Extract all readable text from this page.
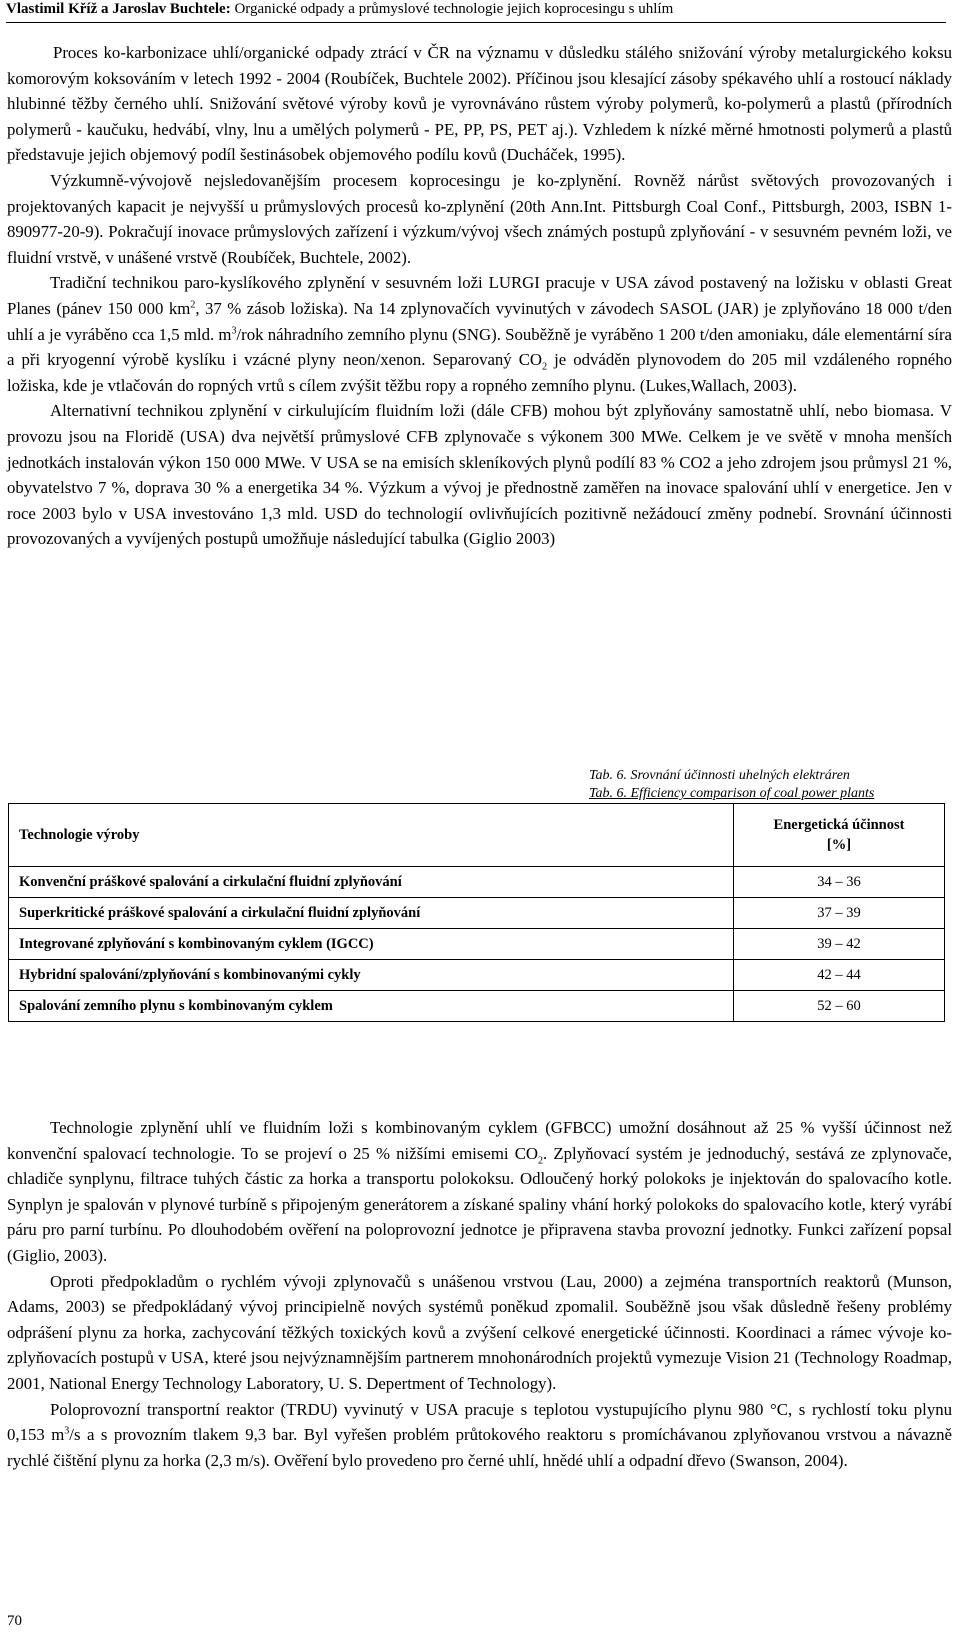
Vlastimil Kříž a Jaroslav Buchtele: Organické odpady a průmyslové technologie jejich koprocesingu s uhlím

Proces ko-karbonizace uhlí/organické odpady ztrácí v ČR na významu v důsledku stálého snižování výroby metalurgického koksu komorovým koksováním v letech 1992 - 2004 (Roubíček, Buchtele 2002). Příčinou jsou klesající zásoby spékavého uhlí a rostoucí náklady hlubinné těžby černého uhlí. Snižování světové výroby kovů je vyrovnáváno růstem výroby polymerů, ko-polymerů a plastů (přírodních polymerů - kaučuku, hedvábí, vlny, lnu a umělých polymerů - PE, PP, PS, PET aj.). Vzhledem k nízké měrné hmotnosti polymerů a plastů představuje jejich objemový podíl šestinásobek objemového podílu kovů (Ducháček, 1995).

Výzkumně-vývojově nejsledovanějším procesem koprocesingu je ko-zplynění. Rovněž nárůst světových provozovaných i projektovaných kapacit je nejvyšší u průmyslových procesů ko-zplynění (20th Ann.Int. Pittsburgh Coal Conf., Pittsburgh, 2003, ISBN 1-890977-20-9). Pokračují inovace průmyslových zařízení i výzkum/vývoj všech známých postupů zplyňování - v sesuvném pevném loži, ve fluidní vrstvě, v unášené vrstvě (Roubíček, Buchtele, 2002).

Tradiční technikou paro-kyslíkového zplynění v sesuvném loži LURGI pracuje v USA závod postavený na ložisku v oblasti Great Planes (pánev 150 000 $km^2$, 37 % zásob ložiska). Na 14 zplynovačích vyvinutých v závodech SASOL (JAR) je zplyňováno 18 000 t/den uhlí a je vyráběno cca 1,5 mld. $m^3$/rok náhradního zemního plynu (SNG). Souběžně je vyráběno 1 200 t/den amoniaku, dále elementární síra a při kryogenní výrobě kyslíku i vzácné plyny neon/xenon. Separovaný $CO_2$ je odváděn plynovodem do 205 mil vzdáleného ropného ložiska, kde je vtlačován do ropných vrtů s cílem zvýšit těžbu ropy a ropného zemního plynu. (Lukes,Wallach, 2003).

Alternativní technikou zplynění v cirkulujícím fluidním loži (dále CFB) mohou být zplyňovány samostatně uhlí, nebo biomasa. V provozu jsou na Floridě (USA) dva největší průmyslové CFB zplynovače s výkonem 300 MWe. Celkem je ve světě v mnoha menších jednotkách instalován výkon 150 000 MWe. V USA se na emisích skleníkových plynů podílí 83 % CO2 a jeho zdrojem jsou průmysl 21 %, obyvatelstvo 7 %, doprava 30 % a energetika 34 %. Výzkum a vývoj je přednostně zaměřen na inovace spalování uhlí v energetice. Jen v roce 2003 bylo v USA investováno 1,3 mld. USD do technologií ovlivňujících pozitivně nežádoucí změny podnebí. Srovnání účinnosti provozovaných a vyvíjených postupů umožňuje následující tabulka (Giglio 2003)

Tab. 6. Srovnání účinnosti uhelných elektráren
Tab. 6. Efficiency comparison of coal power plants
Technologie výroby	Energetická účinnost
[%]
Konvenční práškové spalování a cirkulační fluidní zplyňování	34 – 36
Superkritické práškové spalování a cirkulační fluidní zplyňování	37 – 39
Integrované zplyňování s kombinovaným cyklem (IGCC)	39 – 42
Hybridní spalování/zplyňování s kombinovanými cykly	42 – 44
Spalování zemního plynu s kombinovaným cyklem	52 – 60

Technologie zplynění uhlí ve fluidním loži s kombinovaným cyklem (GFBCC) umožní dosáhnout až 25 % vyšší účinnost než konvenční spalovací technologie. To se projeví o 25 % nižšími emisemi $CO_2$. Zplyňovací systém je jednoduchý, sestává ze zplynovače, chladiče synplynu, filtrace tuhých částic za horka a transportu polokoksu. Odloučený horký polokoks je injektován do spalovacího kotle. Synplyn je spalován v plynové turbíně s připojeným generátorem a získané spaliny vhání horký polokoks do spalovacího kotle, který vyrábí páru pro parní turbínu. Po dlouhodobém ověření na poloprovozní jednotce je připravena stavba provozní jednotky. Funkci zařízení popsal (Giglio, 2003).

Oproti předpokladům o rychlém vývoji zplynovačů s unášenou vrstvou (Lau, 2000) a zejména transportních reaktorů (Munson, Adams, 2003) se předpokládaný vývoj principielně nových systémů poněkud zpomalil. Souběžně jsou však důsledně řešeny problémy odprášení plynu za horka, zachycování těžkých toxických kovů a zvýšení celkové energetické účinnosti. Koordinaci a rámec vývoje ko-zplyňovacích postupů v USA, které jsou nejvýznamnějším partnerem mnohonárodních projektů vymezuje Vision 21 (Technology Roadmap, 2001, National Energy Technology Laboratory, U. S. Depertment of Technology).

Poloprovozní transportní reaktor (TRDU) vyvinutý v USA pracuje s teplotou vystupujícího plynu 980 °C, s rychlostí toku plynu 0,153 $m^3/s$ a s provozním tlakem 9,3 bar. Byl vyřešen problém průtokového reaktoru s promíchávanou zplyňovanou vrstvou a návazně rychlé čištění plynu za horka (2,3 m/s). Ověření bylo provedeno pro černé uhlí, hnědé uhlí a odpadní dřevo (Swanson, 2004).

70
